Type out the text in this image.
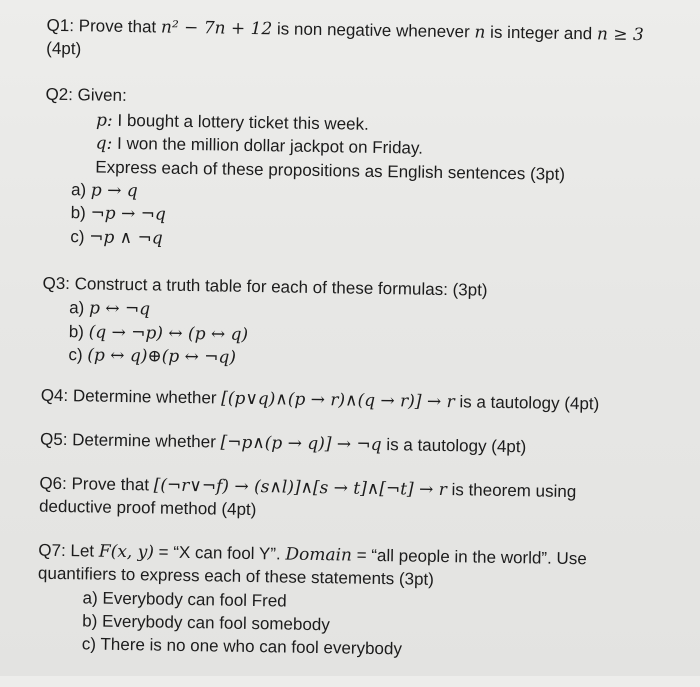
Q1: Prove that n² − 7n + 12 is non negative whenever n is integer and n ≥ 3
(4pt)
Q2: Given:
p: I bought a lottery ticket this week.
q: I won the million dollar jackpot on Friday.
Express each of these propositions as English sentences (3pt)
a) p → q
b) ¬p → ¬q
c) ¬p ∧ ¬q
Q3: Construct a truth table for each of these formulas: (3pt)
a) p ↔ ¬q
b) (q → ¬p) ↔ (p ↔ q)
c) (p ↔ q)⊕(p ↔ ¬q)
Q4: Determine whether [(p∨q)∧(p → r)∧(q → r)] → r is a tautology (4pt)
Q5: Determine whether [¬p∧(p → q)] → ¬q is a tautology (4pt)
Q6: Prove that [(¬r∨¬f) → (s∧l)]∧[s → t]∧[¬t] → r is theorem using
deductive proof method (4pt)
Q7: Let F(x, y) = “X can fool Y”. Domain = “all people in the world”. Use
quantifiers to express each of these statements (3pt)
a) Everybody can fool Fred
b) Everybody can fool somebody
c) There is no one who can fool everybody
